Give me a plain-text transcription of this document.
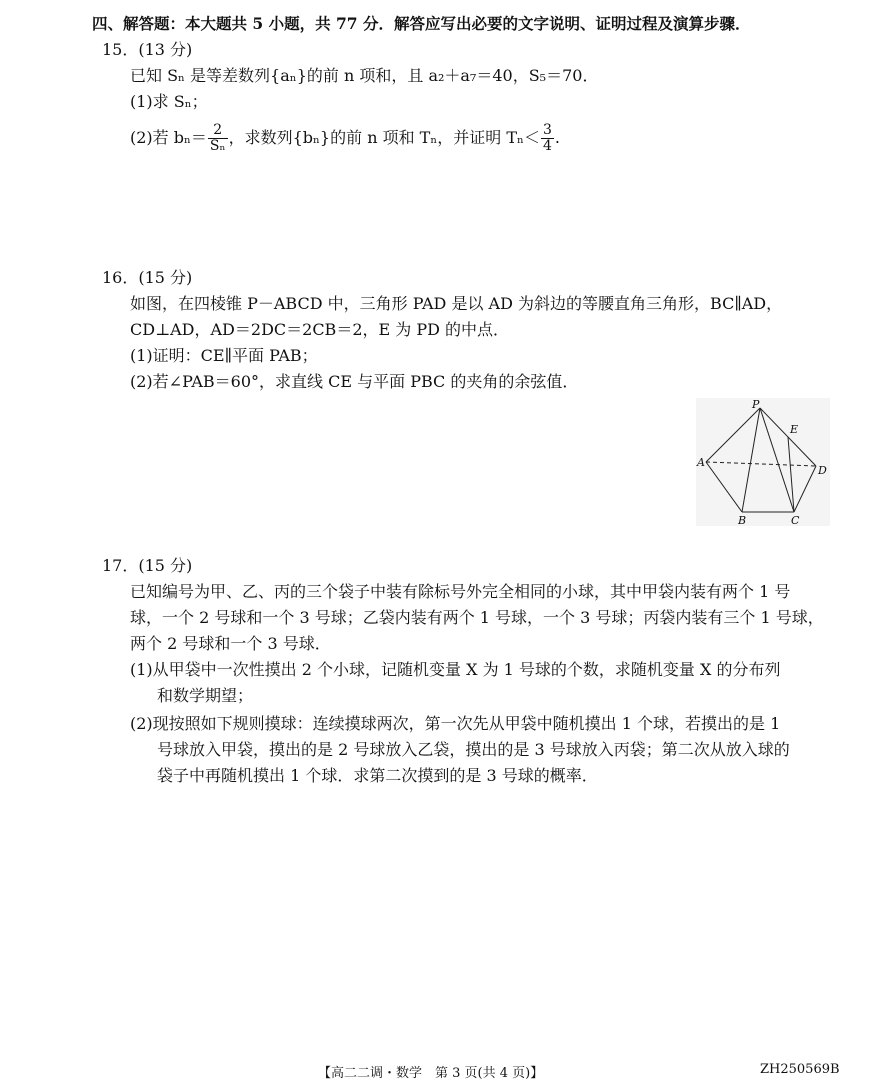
四、解答题：本大题共 5 小题，共 77 分．解答应写出必要的文字说明、证明过程及演算步骤．
15．(13 分)
已知 Sₙ 是等差数列{aₙ}的前 n 项和，且 a₂＋a₇＝40，S₅＝70．
(1)求 Sₙ；
(2)若 $b_n= \frac{2}{\text{Sₙ}}$ ，求数列{bₙ}的前 n 项和 Tₙ，并证明 $T_n< \frac{3}{4}$ .
16．(15 分)
如图，在四棱锥 P－ABCD 中，三角形 PAD 是以 AD 为斜边的等腰直角三角形，BC∥AD，
CD⊥AD，AD＝2DC＝2CB＝2，E 为 PD 的中点．
(1)证明：CE∥平面 PAB；
(2)若∠PAB＝60°，求直线 CE 与平面 PBC 的夹角的余弦值．
P
E
A
D
B	C
17．(15 分)
已知编号为甲、乙、丙的三个袋子中装有除标号外完全相同的小球，其中甲袋内装有两个 1 号
球，一个 2 号球和一个 3 号球；乙袋内装有两个 1 号球，一个 3 号球；丙袋内装有三个 1 号球，
两个 2 号球和一个 3 号球．
(1)从甲袋中一次性摸出 2 个小球，记随机变量 X 为 1 号球的个数，求随机变量 X 的分布列
和数学期望；
(2)现按照如下规则摸球：连续摸球两次，第一次先从甲袋中随机摸出 1 个球，若摸出的是 1
号球放入甲袋，摸出的是 2 号球放入乙袋，摸出的是 3 号球放入丙袋；第二次从放入球的
袋子中再随机摸出 1 个球．求第二次摸到的是 3 号球的概率．
【高二二调・数学　第 3 页(共 4 页)】	ZH250569B
